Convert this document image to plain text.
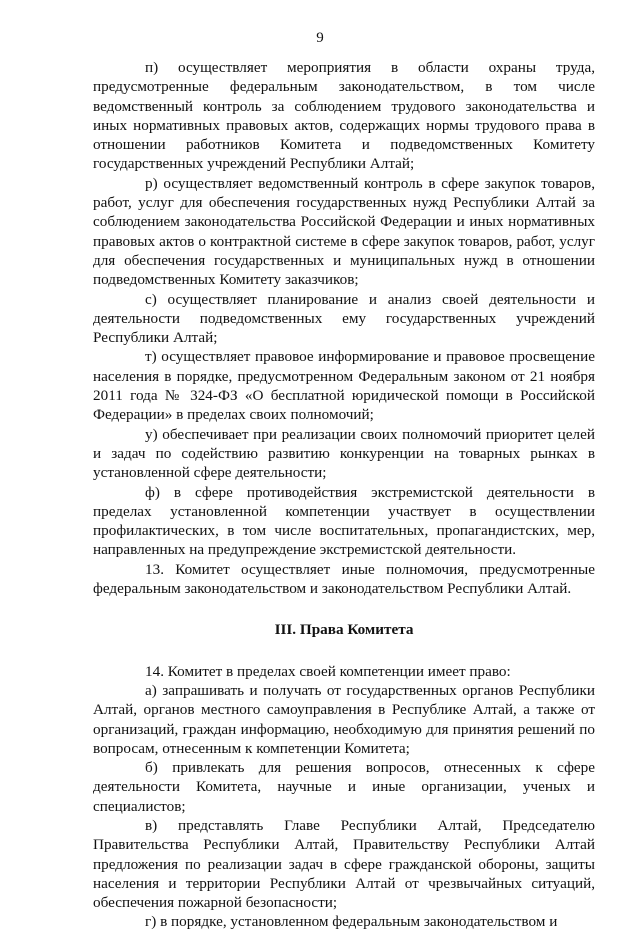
9

п) осуществляет мероприятия в области охраны труда, предусмотренные федеральным законодательством, в том числе ведомственный контроль за соблюдением трудового законодательства и иных нормативных правовых актов, содержащих нормы трудового права в отношении работников Комитета и подведомственных Комитету государственных учреждений Республики Алтай;

р) осуществляет ведомственный контроль в сфере закупок товаров, работ, услуг для обеспечения государственных нужд Республики Алтай за соблюдением законодательства Российской Федерации и иных нормативных правовых актов о контрактной системе в сфере закупок товаров, работ, услуг для обеспечения государственных и муниципальных нужд в отношении подведомственных Комитету заказчиков;

с) осуществляет планирование и анализ своей деятельности и деятельности подведомственных ему государственных учреждений Республики Алтай;

т) осуществляет правовое информирование и правовое просвещение населения в порядке, предусмотренном Федеральным законом от 21 ноября 2011 года № 324-ФЗ «О бесплатной юридической помощи в Российской Федерации» в пределах своих полномочий;

у) обеспечивает при реализации своих полномочий приоритет целей и задач по содействию развитию конкуренции на товарных рынках в установленной сфере деятельности;

ф) в сфере противодействия экстремистской деятельности в пределах установленной компетенции участвует в осуществлении профилактических, в том числе воспитательных, пропагандистских, мер, направленных на предупреждение экстремистской деятельности.

13. Комитет осуществляет иные полномочия, предусмотренные федеральным законодательством и законодательством Республики Алтай.

III. Права Комитета

14. Комитет в пределах своей компетенции имеет право:

а) запрашивать и получать от государственных органов Республики Алтай, органов местного самоуправления в Республике Алтай, а также от организаций, граждан информацию, необходимую для принятия решений по вопросам, отнесенным к компетенции Комитета;

б) привлекать для решения вопросов, отнесенных к сфере деятельности Комитета, научные и иные организации, ученых и специалистов;

в) представлять Главе Республики Алтай, Председателю Правительства Республики Алтай, Правительству Республики Алтай предложения по реализации задач в сфере гражданской обороны, защиты населения и территории Республики Алтай от чрезвычайных ситуаций, обеспечения пожарной безопасности;

г) в порядке, установленном федеральным законодательством и
